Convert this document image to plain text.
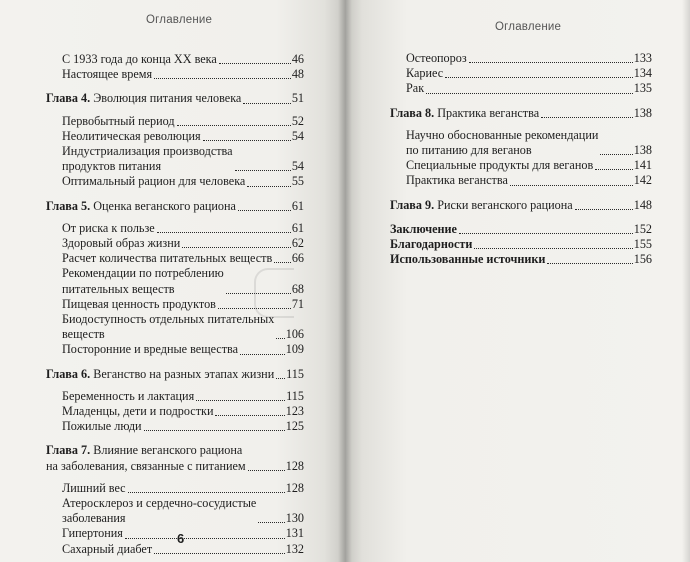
Оглавление
С 1933 года до конца XX века	46
Настоящее время	48
Глава 4. Эволюция питания человека	51
Первобытный период	52
Неолитическая революция	54
Индустриализация производства
продуктов питания	54
Оптимальный рацион для человека	55
Глава 5. Оценка веганского рациона	61
От риска к пользе	61
Здоровый образ жизни	62
Расчет количества питательных веществ 66
Рекомендации по потреблению
питательных веществ	68
Пищевая ценность продуктов	71
Биодоступность отдельных питательных
веществ	106
Посторонние и вредные вещества	109
Глава 6. Веганство на разных этапах жизни 115
Беременность и лактация	115
Младенцы, дети и подростки	123
Пожилые люди	125
Глава 7. Влияние веганского рациона
на заболевания, связанные с питанием	128
Лишний вес	128
Атеросклероз и сердечно-сосудистые
заболевания	130
Гипертония	131
Сахарный диабет	132
6
Оглавление
Остеопороз	133
Кариес	134
Рак	135
Глава 8. Практика веганства	138
Научно обоснованные рекомендации
по питанию для веганов	138
Специальные продукты для веганов	141
Практика веганства	142
Глава 9. Риски веганского рациона	148
Заключение	152
Благодарности	155
Использованные источники	156
